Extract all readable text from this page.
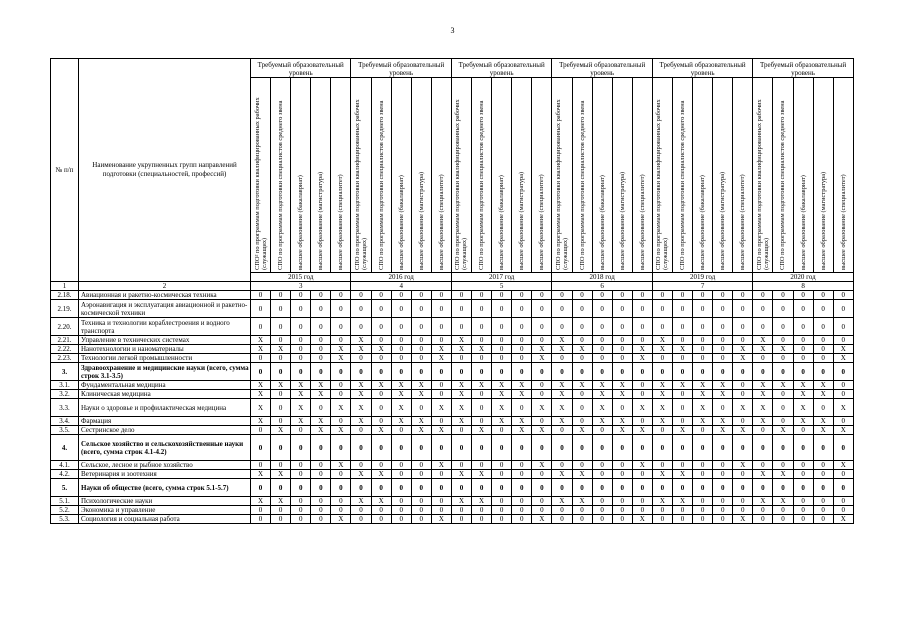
3
№ п/п	Наименование укрупненных групп направлений подготовки (специальностей, профессий)	Требуемый образовательный уровень					Требуемый образовательный уровень					Требуемый образовательный уровень					Требуемый образовательный уровень					Требуемый образовательный уровень					Требуемый образовательный уровень				

		СПО² по программам подготовки квалифицированных рабочих (служащих)	СПО по программам подготовки специалистов среднего звена	высшее образование (бакалавриат)	высшее образование (магистратура)	высшее образование (специалитет)	СПО по программам подготовки квалифицированных рабочих (служащих)	СПО по программам подготовки специалистов среднего звена	высшее образование (бакалавриат)	высшее образование (магистратура)	высшее образование (специалитет)	СПО по программам подготовки квалифицированных рабочих (служащих)	СПО по программам подготовки специалистов среднего звена	высшее образование (бакалавриат)	высшее образование (магистратура)	высшее образование (специалитет)	СПО по программам подготовки квалифицированных рабочих (служащих)	СПО по программам подготовки специалистов среднего звена	высшее образование (бакалавриат)	высшее образование (магистратура)	высшее образование (специалитет)	СПО по программам подготовки квалифицированных рабочих (служащих)	СПО по программам подготовки специалистов среднего звена	высшее образование (бакалавриат)	высшее образование (магистратура)	высшее образование (специалитет)	СПО по программам подготовки квалифицированных рабочих (служащих)	СПО по программам подготовки специалистов среднего звена	высшее образование (бакалавриат)	высшее образование (магистратура)	высшее образование (специалитет)

		2015 год					2016 год					2017 год					2018 год					2019 год					2020 год				
1	2	3					4					5					6					7					8				
2.18.	Авиационная и ракетно-космическая техника	0	0	0	0	0	0	0	0	0	0	0	0	0	0	0	0	0	0	0	0	0	0	0	0	0	0	0	0	0	0
2.19.	Аэронавигация и эксплуатация авиационной и ракетно-космической техники	0	0	0	0	0	0	0	0	0	0	0	0	0	0	0	0	0	0	0	0	0	0	0	0	0	0	0	0	0	0
2.20.	Техника и технологии кораблестроения и водного транспорта	0	0	0	0	0	0	0	0	0	0	0	0	0	0	0	0	0	0	0	0	0	0	0	0	0	0	0	0	0	0
2.21.	Управление в технических системах	X	0	0	0	0	X	0	0	0	0	X	0	0	0	0	X	0	0	0	0	X	0	0	0	0	X	0	0	0	0
2.22.	Нанотехнологии и наноматериалы	X	X	0	0	X	X	X	0	0	X	X	X	0	0	X	X	X	0	0	X	X	X	0	0	X	X	X	0	0	X
2.23.	Технологии легкой промышленности	0	0	0	0	X	0	0	0	0	X	0	0	0	0	X	0	0	0	0	X	0	0	0	0	X	0	0	0	0	X
3.	Здравоохранение и медицинские науки (всего, сумма строк 3.1-3.5)	0	0	0	0	0	0	0	0	0	0	0	0	0	0	0	0	0	0	0	0	0	0	0	0	0	0	0	0	0	0
3.1.	Фундаментальная медицина	X	X	X	X	0	X	X	X	X	0	X	X	X	X	0	X	X	X	X	0	X	X	X	X	0	X	X	X	X	0
3.2.	Клиническая медицина	X	0	X	X	0	X	0	X	X	0	X	0	X	X	0	X	0	X	X	0	X	0	X	X	0	X	0	X	X	0
3.3.	Науки о здоровье и профилактическая медицина	X	0	X	0	X	X	0	X	0	X	X	0	X	0	X	X	0	X	0	X	X	0	X	0	X	X	0	X	0	X
3.4.	Фармация	X	0	X	X	0	X	0	X	X	0	X	0	X	X	0	X	0	X	X	0	X	0	X	X	0	X	0	X	X	0
3.5.	Сестринское дело	0	X	0	X	X	0	X	0	X	X	0	X	0	X	X	0	X	0	X	X	0	X	0	X	X	0	X	0	X	X
4.	Сельское хозяйство и сельскохозяйственные науки (всего, сумма строк 4.1-4.2)	0	0	0	0	0	0	0	0	0	0	0	0	0	0	0	0	0	0	0	0	0	0	0	0	0	0	0	0	0	0
4.1.	Сельское, лесное и рыбное хозяйство	0	0	0	0	X	0	0	0	0	X	0	0	0	0	X	0	0	0	0	X	0	0	0	0	X	0	0	0	0	X
4.2.	Ветеринария и зоотехния	X	X	0	0	0	X	X	0	0	0	X	X	0	0	0	X	X	0	0	0	X	X	0	0	0	X	X	0	0	0
5.	Науки об обществе (всего, сумма строк 5.1-5.7)	0	0	0	0	0	0	0	0	0	0	0	0	0	0	0	0	0	0	0	0	0	0	0	0	0	0	0	0	0	0
5.1.	Психологические науки	X	X	0	0	0	X	X	0	0	0	X	X	0	0	0	X	X	0	0	0	X	X	0	0	0	X	X	0	0	0
5.2.	Экономика и управление	0	0	0	0	0	0	0	0	0	0	0	0	0	0	0	0	0	0	0	0	0	0	0	0	0	0	0	0	0	0
5.3.	Социология и социальная работа	0	0	0	0	X	0	0	0	0	X	0	0	0	0	X	0	0	0	0	X	0	0	0	0	X	0	0	0	0	X
